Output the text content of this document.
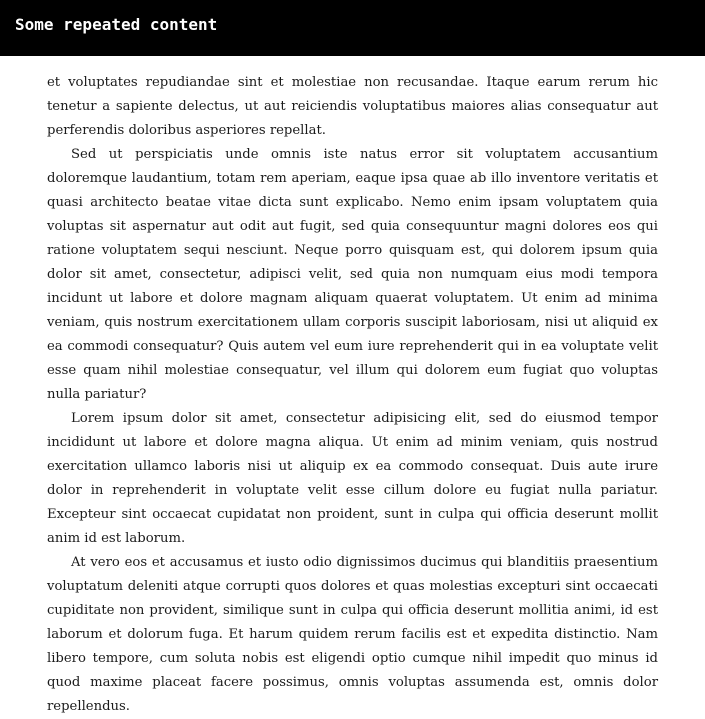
Some repeated content

et voluptates repudiandae sint et molestiae non recusandae. Itaque earum rerum hic tenetur a sapiente delectus, ut aut reiciendis voluptatibus maiores alias consequatur aut perferendis doloribus asperiores repellat.

Sed ut perspiciatis unde omnis iste natus error sit voluptatem accusantium doloremque laudantium, totam rem aperiam, eaque ipsa quae ab illo inventore veritatis et quasi architecto beatae vitae dicta sunt explicabo. Nemo enim ipsam voluptatem quia voluptas sit aspernatur aut odit aut fugit, sed quia consequuntur magni dolores eos qui ratione voluptatem sequi nesciunt. Neque porro quisquam est, qui dolorem ipsum quia dolor sit amet, consectetur, adipisci velit, sed quia non numquam eius modi tempora incidunt ut labore et dolore magnam aliquam quaerat voluptatem. Ut enim ad minima veniam, quis nostrum exercitationem ullam corporis suscipit laboriosam, nisi ut aliquid ex ea commodi consequatur? Quis autem vel eum iure reprehenderit qui in ea voluptate velit esse quam nihil molestiae consequatur, vel illum qui dolorem eum fugiat quo voluptas nulla pariatur?

Lorem ipsum dolor sit amet, consectetur adipisicing elit, sed do eiusmod tempor incididunt ut labore et dolore magna aliqua. Ut enim ad minim veniam, quis nostrud exercitation ullamco laboris nisi ut aliquip ex ea commodo consequat. Duis aute irure dolor in reprehenderit in voluptate velit esse cillum dolore eu fugiat nulla pariatur. Excepteur sint occaecat cupidatat non proident, sunt in culpa qui officia deserunt mollit anim id est laborum.

At vero eos et accusamus et iusto odio dignissimos ducimus qui blanditiis praesentium voluptatum deleniti atque corrupti quos dolores et quas molestias excepturi sint occaecati cupiditate non provident, similique sunt in culpa qui officia deserunt mollitia animi, id est laborum et dolorum fuga. Et harum quidem rerum facilis est et expedita distinctio. Nam libero tempore, cum soluta nobis est eligendi optio cumque nihil impedit quo minus id quod maxime placeat facere possimus, omnis voluptas assumenda est, omnis dolor repellendus.
